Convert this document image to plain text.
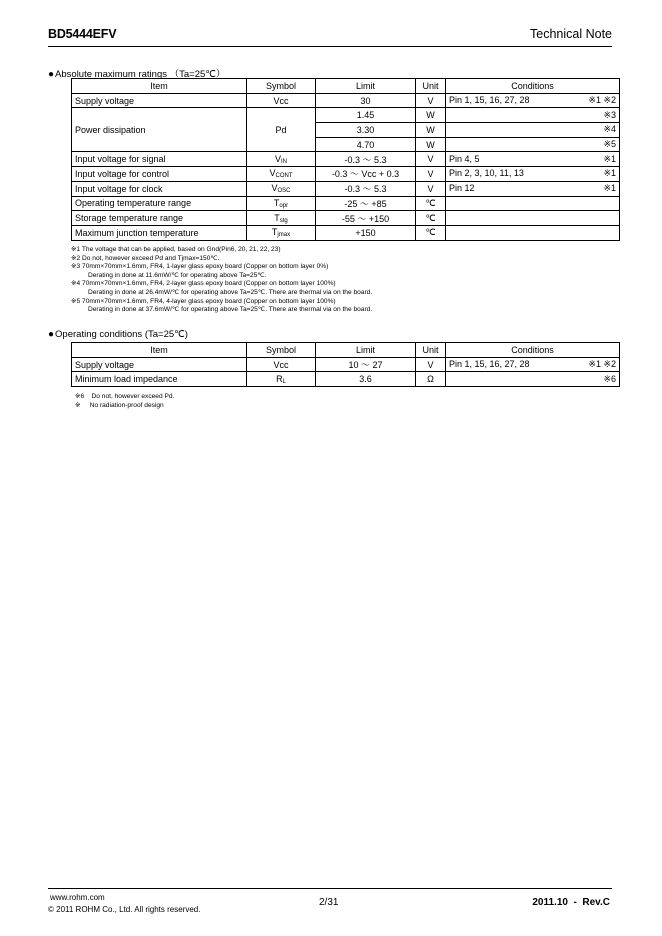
BD5444EFV	Technical Note
●Absolute maximum ratings （Ta=25℃）
Item	Symbol	Limit	Unit	Conditions
Supply voltage	Vcc	30	V	Pin 1, 15, 16, 27, 28 ※1 ※2

Power dissipation	Pd	1.45	W	※3
		3.30	W	※4
		4.70	W	※5
Input voltage for signal	VIN	-0.3 ～ 5.3	V	Pin 4, 5 ※1

Input voltage for control	VCONT	-0.3 ～ Vcc + 0.3	V	Pin 2, 3, 10, 11, 13 ※1

Input voltage for clock	VOSC	-0.3 ～ 5.3	V	Pin 12 ※1

Operating temperature range	Topr	-25 ～ +85	℃	
Storage temperature range	Tstg	-55 ～ +150	℃	
Maximum junction temperature	Tjmax	+150	℃	
※1 The voltage that can be applied, based on Gnd(Pin6, 20, 21, 22, 23)
※2 Do not, however exceed Pd and Tjmax=150℃.
※3 70mm×70mm×1.6mm, FR4, 1-layer glass epoxy board (Copper on bottom layer 0%)
Derating in done at 11.6mW/℃ for operating above Ta=25℃.
※4 70mm×70mm×1.6mm, FR4, 2-layer glass epoxy board (Copper on bottom layer 100%)
Derating in done at 26.4mW/℃ for operating above Ta=25℃. There are thermal via on the board.
※5 70mm×70mm×1.6mm, FR4, 4-layer glass epoxy board (Copper on bottom layer 100%)
Derating in done at 37.6mW/℃ for operating above Ta=25℃. There are thermal via on the board.
●Operating conditions (Ta=25℃)
Item	Symbol	Limit	Unit	Conditions
Supply voltage	Vcc	10 ～ 27	V	Pin 1, 15, 16, 27, 28 ※1 ※2

Minimum load impedance	RL	3.6	Ω	※6
※6    Do not, however exceed Pd.
※     No radiation-proof design
www.rohm.com
© 2011 ROHM Co., Ltd. All rights reserved.
2/31	2011.10  -  Rev.C
